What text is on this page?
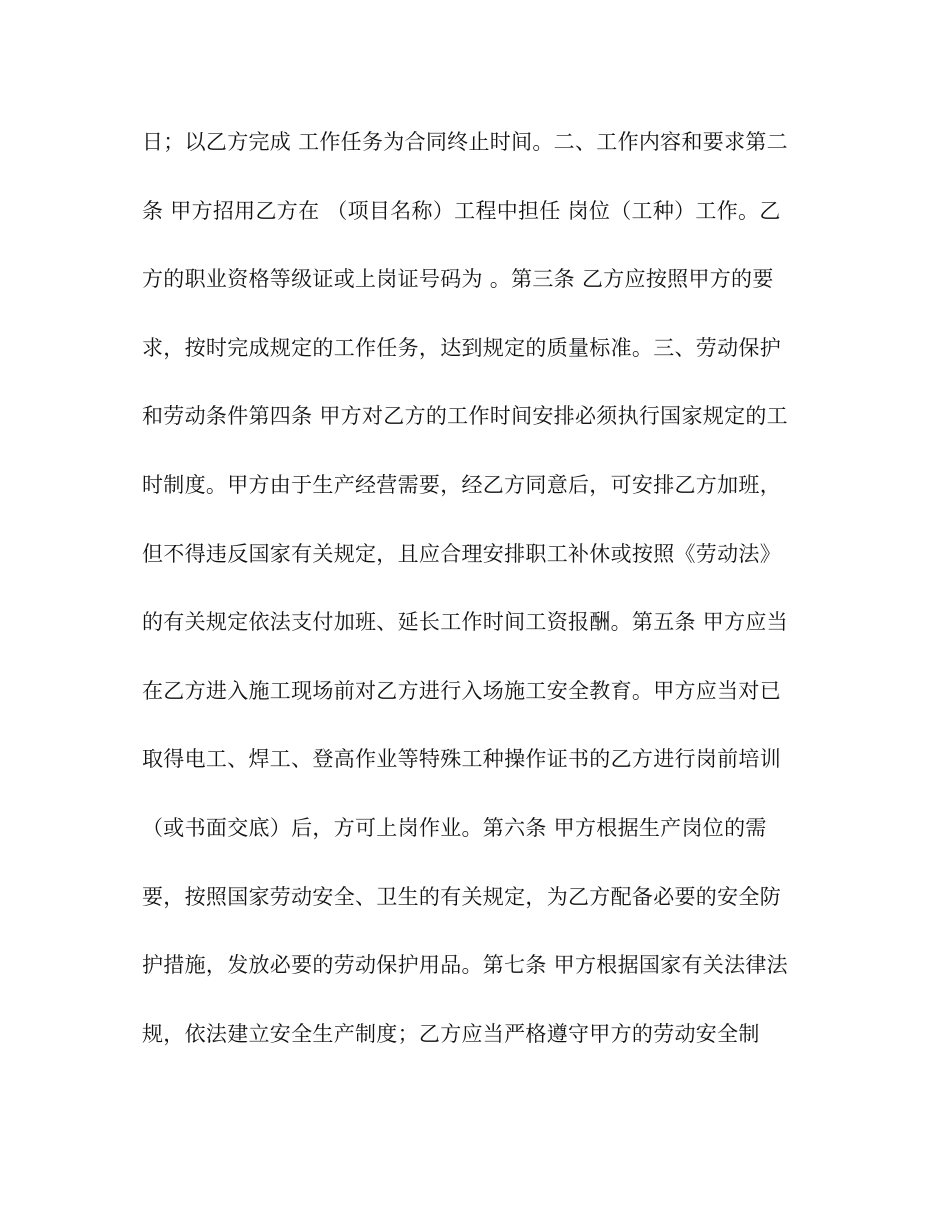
日；以乙方完成 工作任务为合同终止时间。二、工作内容和要求第二
条 甲方招用乙方在 （项目名称）工程中担任 岗位（工种）工作。乙
方的职业资格等级证或上岗证号码为 。第三条 乙方应按照甲方的要
求，按时完成规定的工作任务，达到规定的质量标准。三、劳动保护
和劳动条件第四条 甲方对乙方的工作时间安排必须执行国家规定的工
时制度。甲方由于生产经营需要，经乙方同意后，可安排乙方加班，
但不得违反国家有关规定，且应合理安排职工补休或按照《劳动法》
的有关规定依法支付加班、延长工作时间工资报酬。第五条 甲方应当
在乙方进入施工现场前对乙方进行入场施工安全教育。甲方应当对已
取得电工、焊工、登高作业等特殊工种操作证书的乙方进行岗前培训
（或书面交底）后，方可上岗作业。第六条 甲方根据生产岗位的需
要，按照国家劳动安全、卫生的有关规定，为乙方配备必要的安全防
护措施，发放必要的劳动保护用品。第七条 甲方根据国家有关法律法
规，依法建立安全生产制度；乙方应当严格遵守甲方的劳动安全制
